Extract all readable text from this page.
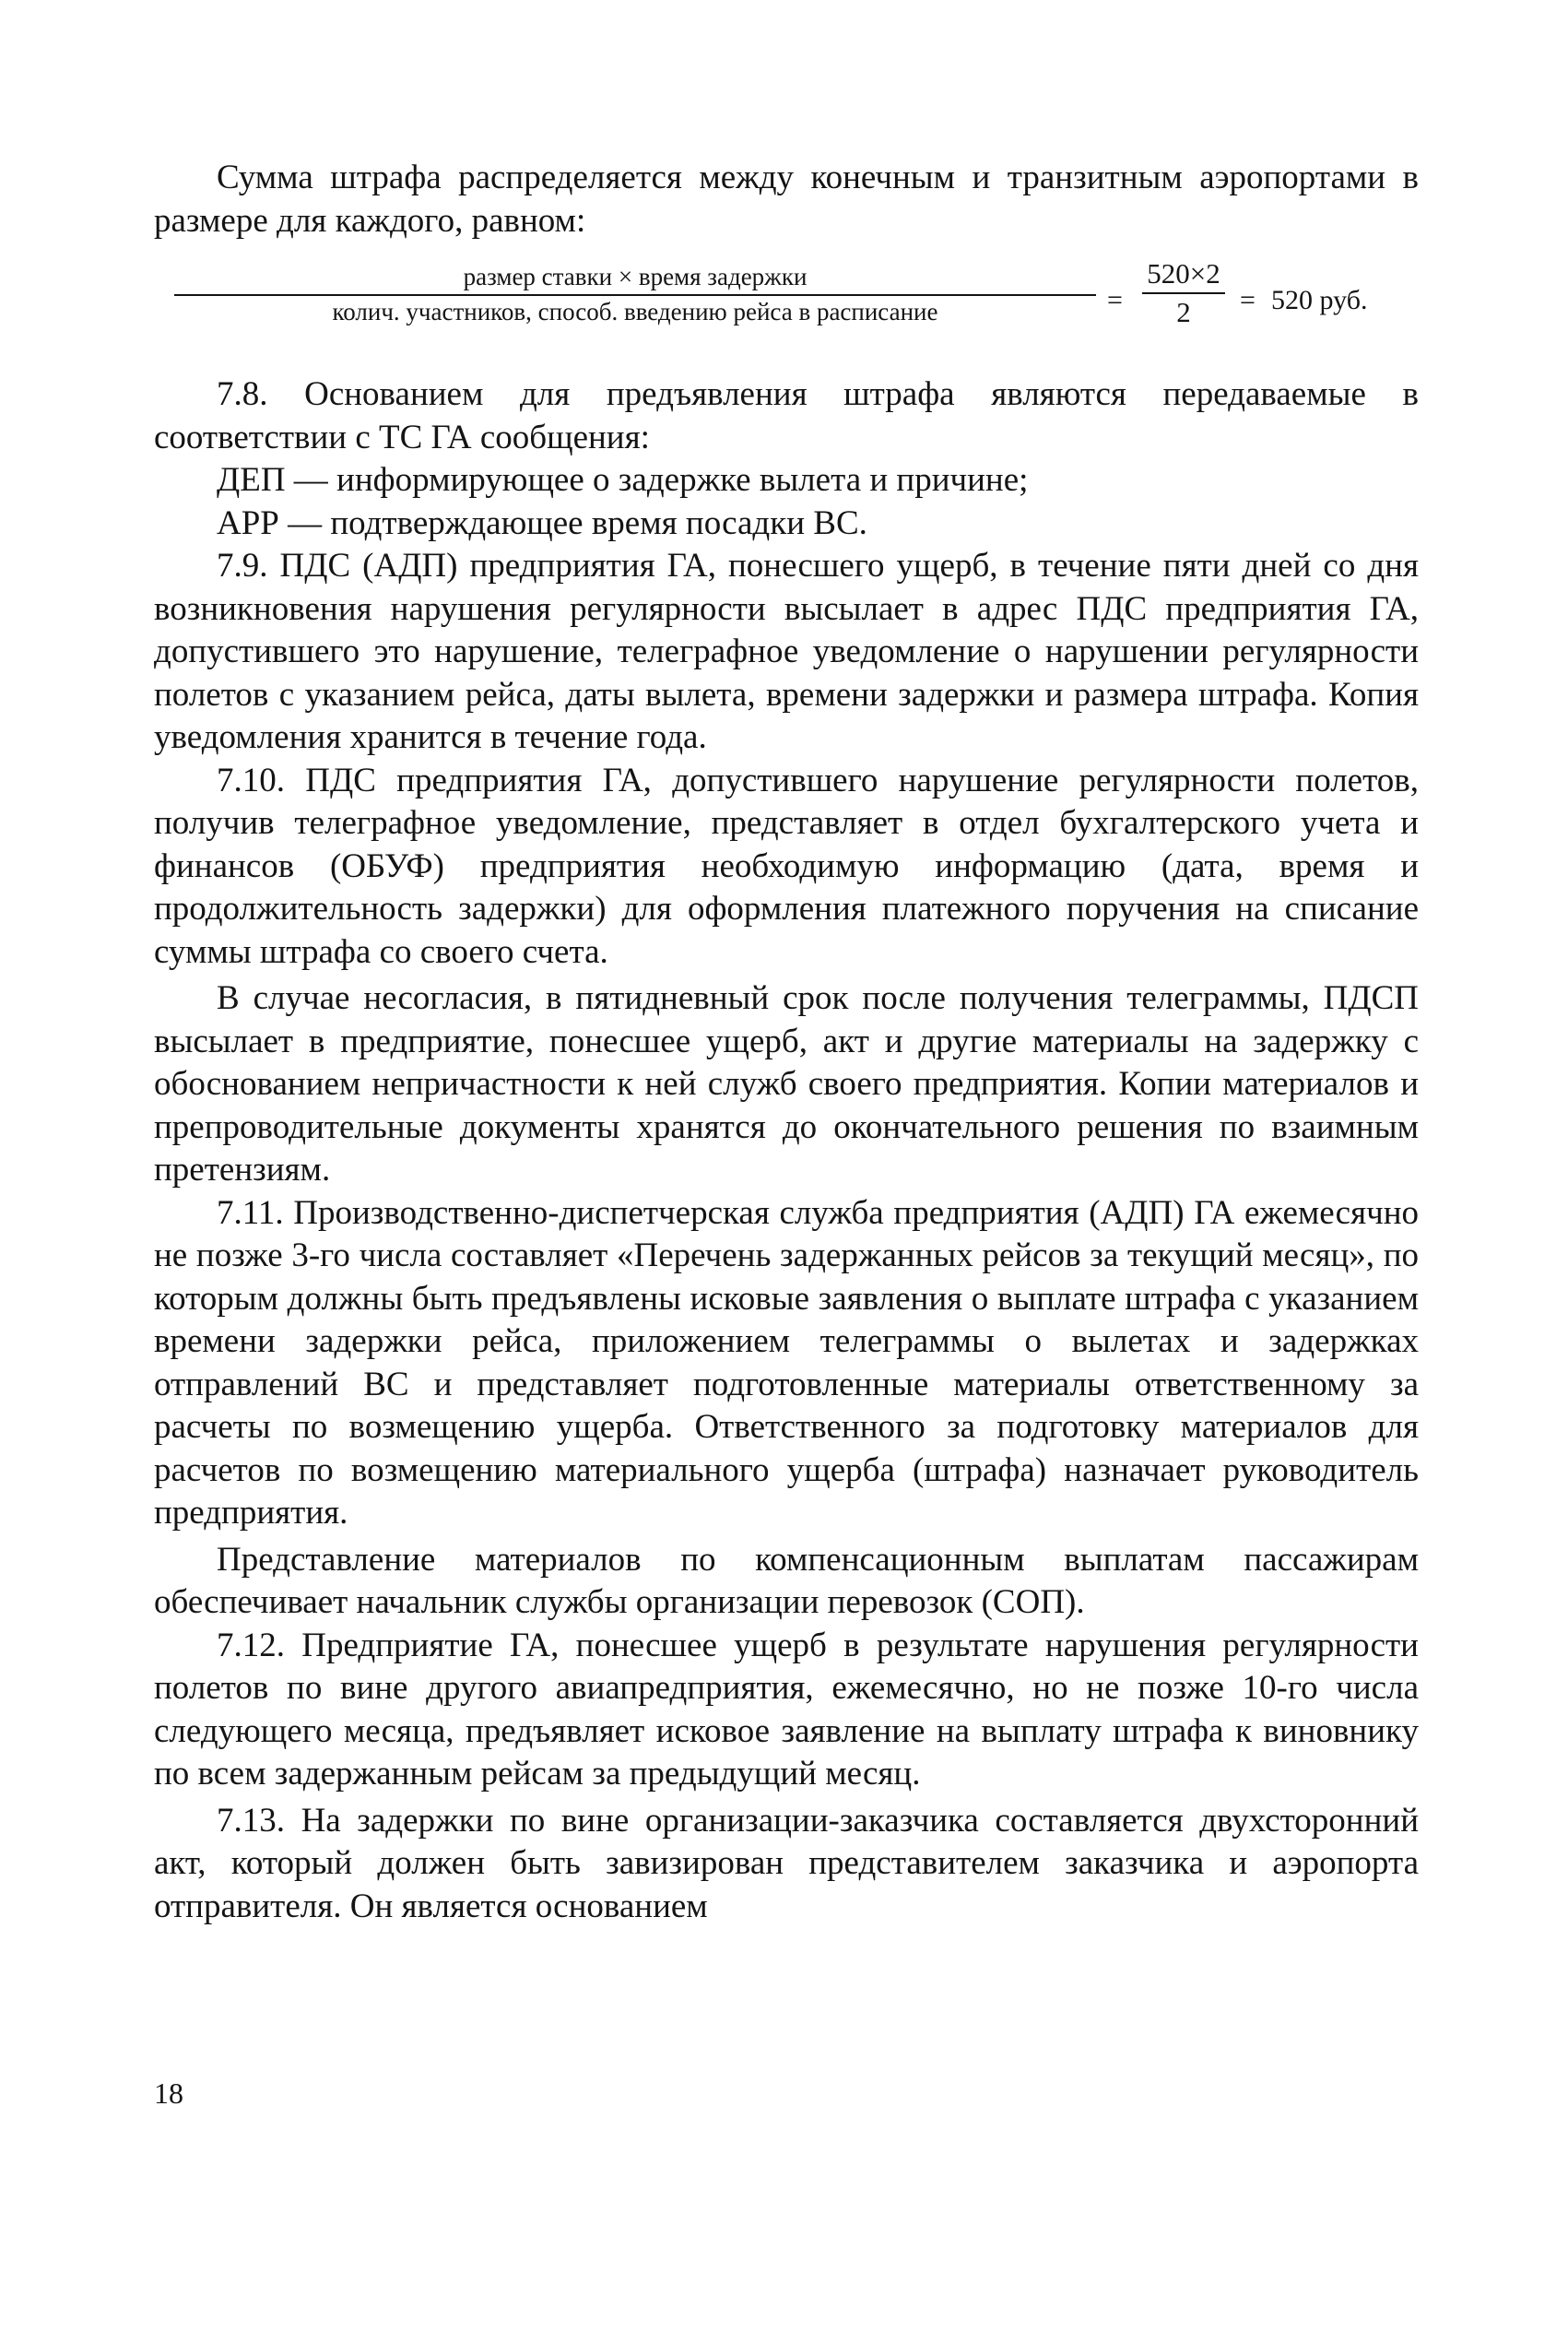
Сумма штрафа распределяется между конечным и транзитным аэропортами в размере для каждого, равном:

размер ставки × время задержки
колич. участников, способ. введению рейса в расписание	= $\frac{520\times 2}{2} = 520$ руб.

7.8. Основанием для предъявления штрафа являются передаваемые в соответствии с ТС ГА сообщения:

ДЕП — информирующее о задержке вылета и причине;

АРР — подтверждающее время посадки ВС.

7.9. ПДС (АДП) предприятия ГА, понесшего ущерб, в течение пяти дней со дня возникновения нарушения регулярности высылает в адрес ПДС предприятия ГА, допустившего это нарушение, телеграфное уведомление о нарушении регулярности полетов с указанием рейса, даты вылета, времени задержки и размера штрафа. Копия уведомления хранится в течение года.

7.10. ПДС предприятия ГА, допустившего нарушение регулярности полетов, получив телеграфное уведомление, представляет в отдел бухгалтерского учета и финансов (ОБУФ) предприятия необходимую информацию (дата, время и продолжительность задержки) для оформления платежного поручения на списание суммы штрафа со своего счета.

В случае несогласия, в пятидневный срок после получения телеграммы, ПДСП высылает в предприятие, понесшее ущерб, акт и другие материалы на задержку с обоснованием непричастности к ней служб своего предприятия. Копии материалов и препроводительные документы хранятся до окончательного решения по взаимным претензиям.

7.11. Производственно-диспетчерская служба предприятия (АДП) ГА ежемесячно не позже 3-го числа составляет «Перечень задержанных рейсов за текущий месяц», по которым должны быть предъявлены исковые заявления о выплате штрафа с указанием времени задержки рейса, приложением телеграммы о вылетах и задержках отправлений ВС и представляет подготовленные материалы ответственному за расчеты по возмещению ущерба. Ответственного за подготовку материалов для расчетов по возмещению материального ущерба (штрафа) назначает руководитель предприятия.

Представление материалов по компенсационным выплатам пассажирам обеспечивает начальник службы организации перевозок (СОП).

7.12. Предприятие ГА, понесшее ущерб в результате нарушения регулярности полетов по вине другого авиапредприятия, ежемесячно, но не позже 10-го числа следующего месяца, предъявляет исковое заявление на выплату штрафа к виновнику по всем задержанным рейсам за предыдущий месяц.

7.13. На задержки по вине организации-заказчика составляется двухсторонний акт, который должен быть завизирован представителем заказчика и аэропорта отправителя. Он является основанием

18
